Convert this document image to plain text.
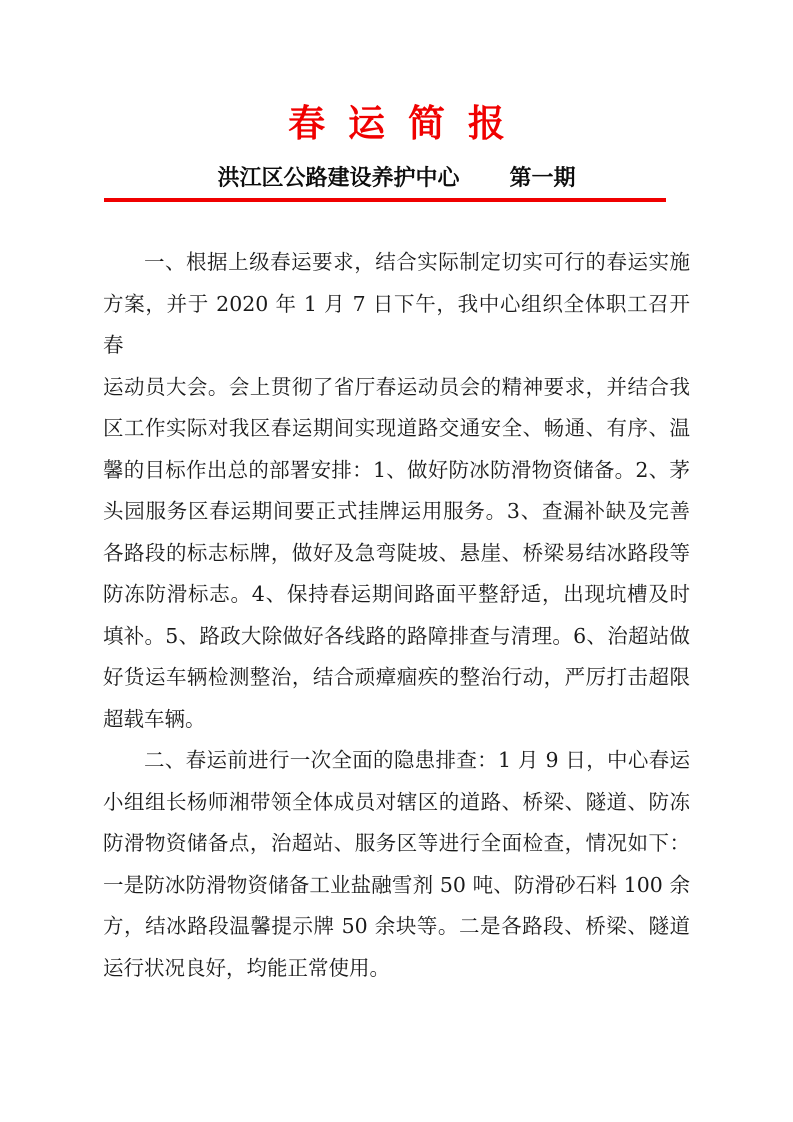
春运简报
洪江区公路建设养护中心 第一期
一、根据上级春运要求，结合实际制定切实可行的春运实施
方案，并于 2020 年 1 月 7 日下午，我中心组织全体职工召开春
运动员大会。会上贯彻了省厅春运动员会的精神要求，并结合我
区工作实际对我区春运期间实现道路交通安全、畅通、有序、温
馨的目标作出总的部署安排：1、做好防冰防滑物资储备。2、茅
头园服务区春运期间要正式挂牌运用服务。3、查漏补缺及完善
各路段的标志标牌，做好及急弯陡坡、悬崖、桥梁易结冰路段等
防冻防滑标志。4、保持春运期间路面平整舒适，出现坑槽及时
填补。5、路政大除做好各线路的路障排查与清理。6、治超站做
好货运车辆检测整治，结合顽瘴痼疾的整治行动，严厉打击超限
超载车辆。
二、春运前进行一次全面的隐患排查：1 月 9 日，中心春运
小组组长杨师湘带领全体成员对辖区的道路、桥梁、隧道、防冻
防滑物资储备点，治超站、服务区等进行全面检查，情况如下：
一是防冰防滑物资储备工业盐融雪剂 50 吨、防滑砂石料 100 余
方，结冰路段温馨提示牌 50 余块等。二是各路段、桥梁、隧道
运行状况良好，均能正常使用。
